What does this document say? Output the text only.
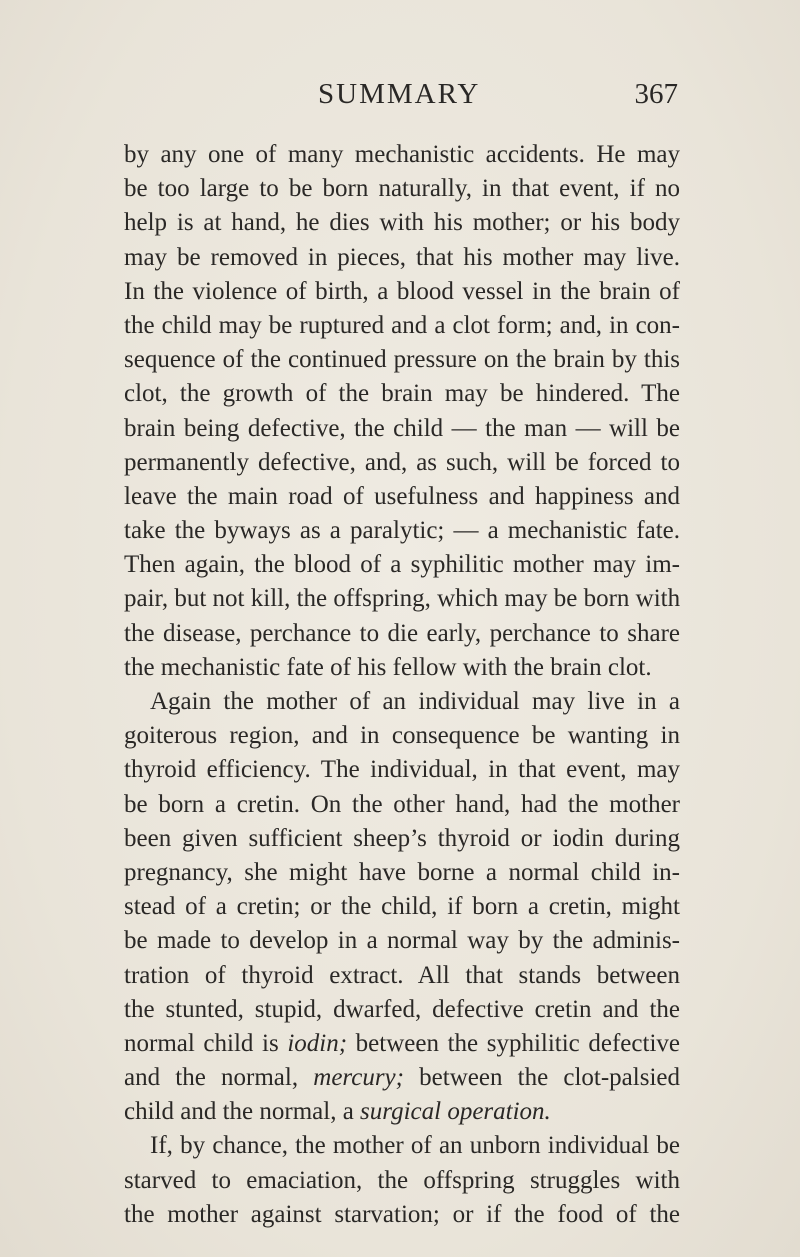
SUMMARY	367
by any one of many mechanistic accidents. He may
be too large to be born naturally, in that event, if no
help is at hand, he dies with his mother; or his body
may be removed in pieces, that his mother may live.
In the violence of birth, a blood vessel in the brain of
the child may be ruptured and a clot form; and, in con-
sequence of the continued pressure on the brain by this
clot, the growth of the brain may be hindered. The
brain being defective, the child — the man — will be
permanently defective, and, as such, will be forced to
leave the main road of usefulness and happiness and
take the byways as a paralytic; — a mechanistic fate.
Then again, the blood of a syphilitic mother may im-
pair, but not kill, the offspring, which may be born with
the disease, perchance to die early, perchance to share
the mechanistic fate of his fellow with the brain clot.
Again the mother of an individual may live in a
goiterous region, and in consequence be wanting in
thyroid efficiency. The individual, in that event, may
be born a cretin. On the other hand, had the mother
been given sufficient sheep’s thyroid or iodin during
pregnancy, she might have borne a normal child in-
stead of a cretin; or the child, if born a cretin, might
be made to develop in a normal way by the adminis-
tration of thyroid extract. All that stands between
the stunted, stupid, dwarfed, defective cretin and the
normal child is iodin; between the syphilitic defective
and the normal, mercury; between the clot-palsied
child and the normal, a surgical operation.
If, by chance, the mother of an unborn individual be
starved to emaciation, the offspring struggles with
the mother against starvation; or if the food of the
